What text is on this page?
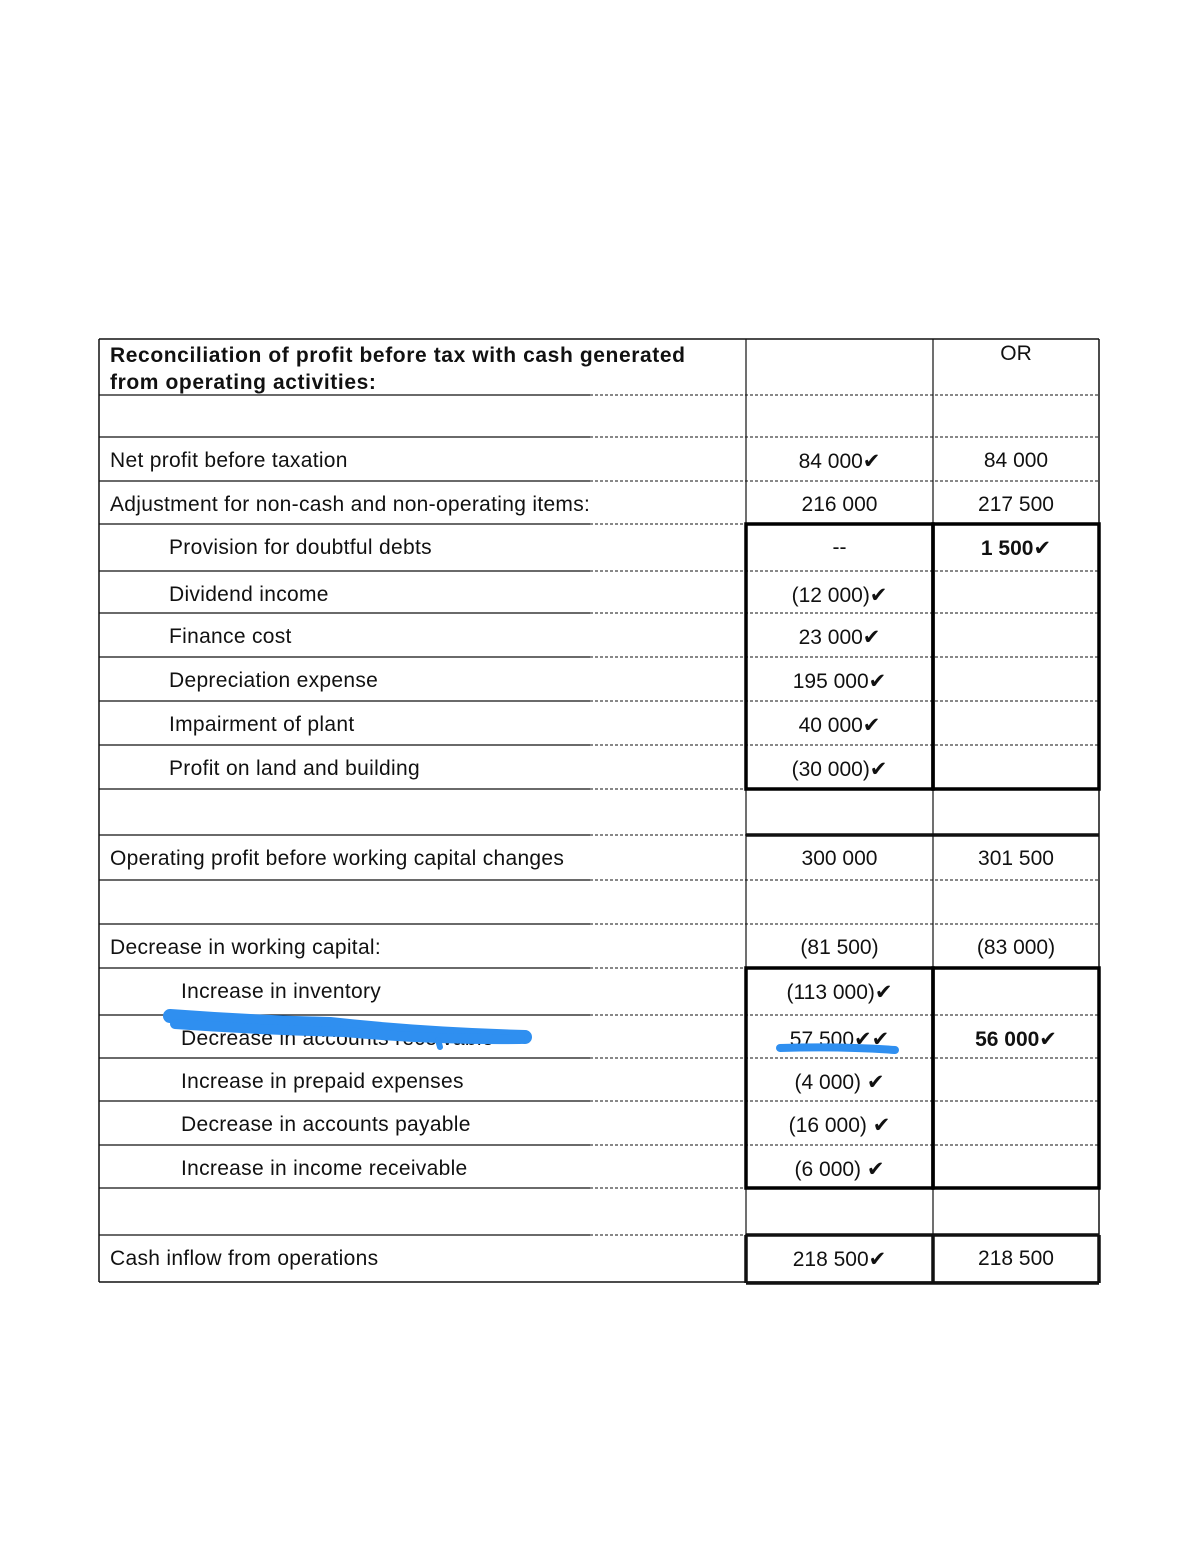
Reconciliation of profit before tax with cash generated from operating activities:
OR
Net profit before taxation	84 000✔	84 000
Adjustment for non-cash and non-operating items:	216 000	217 500
Provision for doubtful debts	--	1 500✔
Dividend income	(12 000)✔
Finance cost	23 000✔
Depreciation expense	195 000✔
Impairment of plant	40 000✔
Profit on land and building	(30 000)✔
Operating profit before working capital changes	300 000	301 500
Decrease in working capital:	(81 500)	(83 000)
Increase in inventory	(113 000)✔
Decrease in accounts receivable	57 500✔✔	56 000✔
Increase in prepaid expenses	(4 000) ✔
Decrease in accounts payable	(16 000) ✔
Increase in income receivable	(6 000) ✔
Cash inflow from operations	218 500✔	218 500
